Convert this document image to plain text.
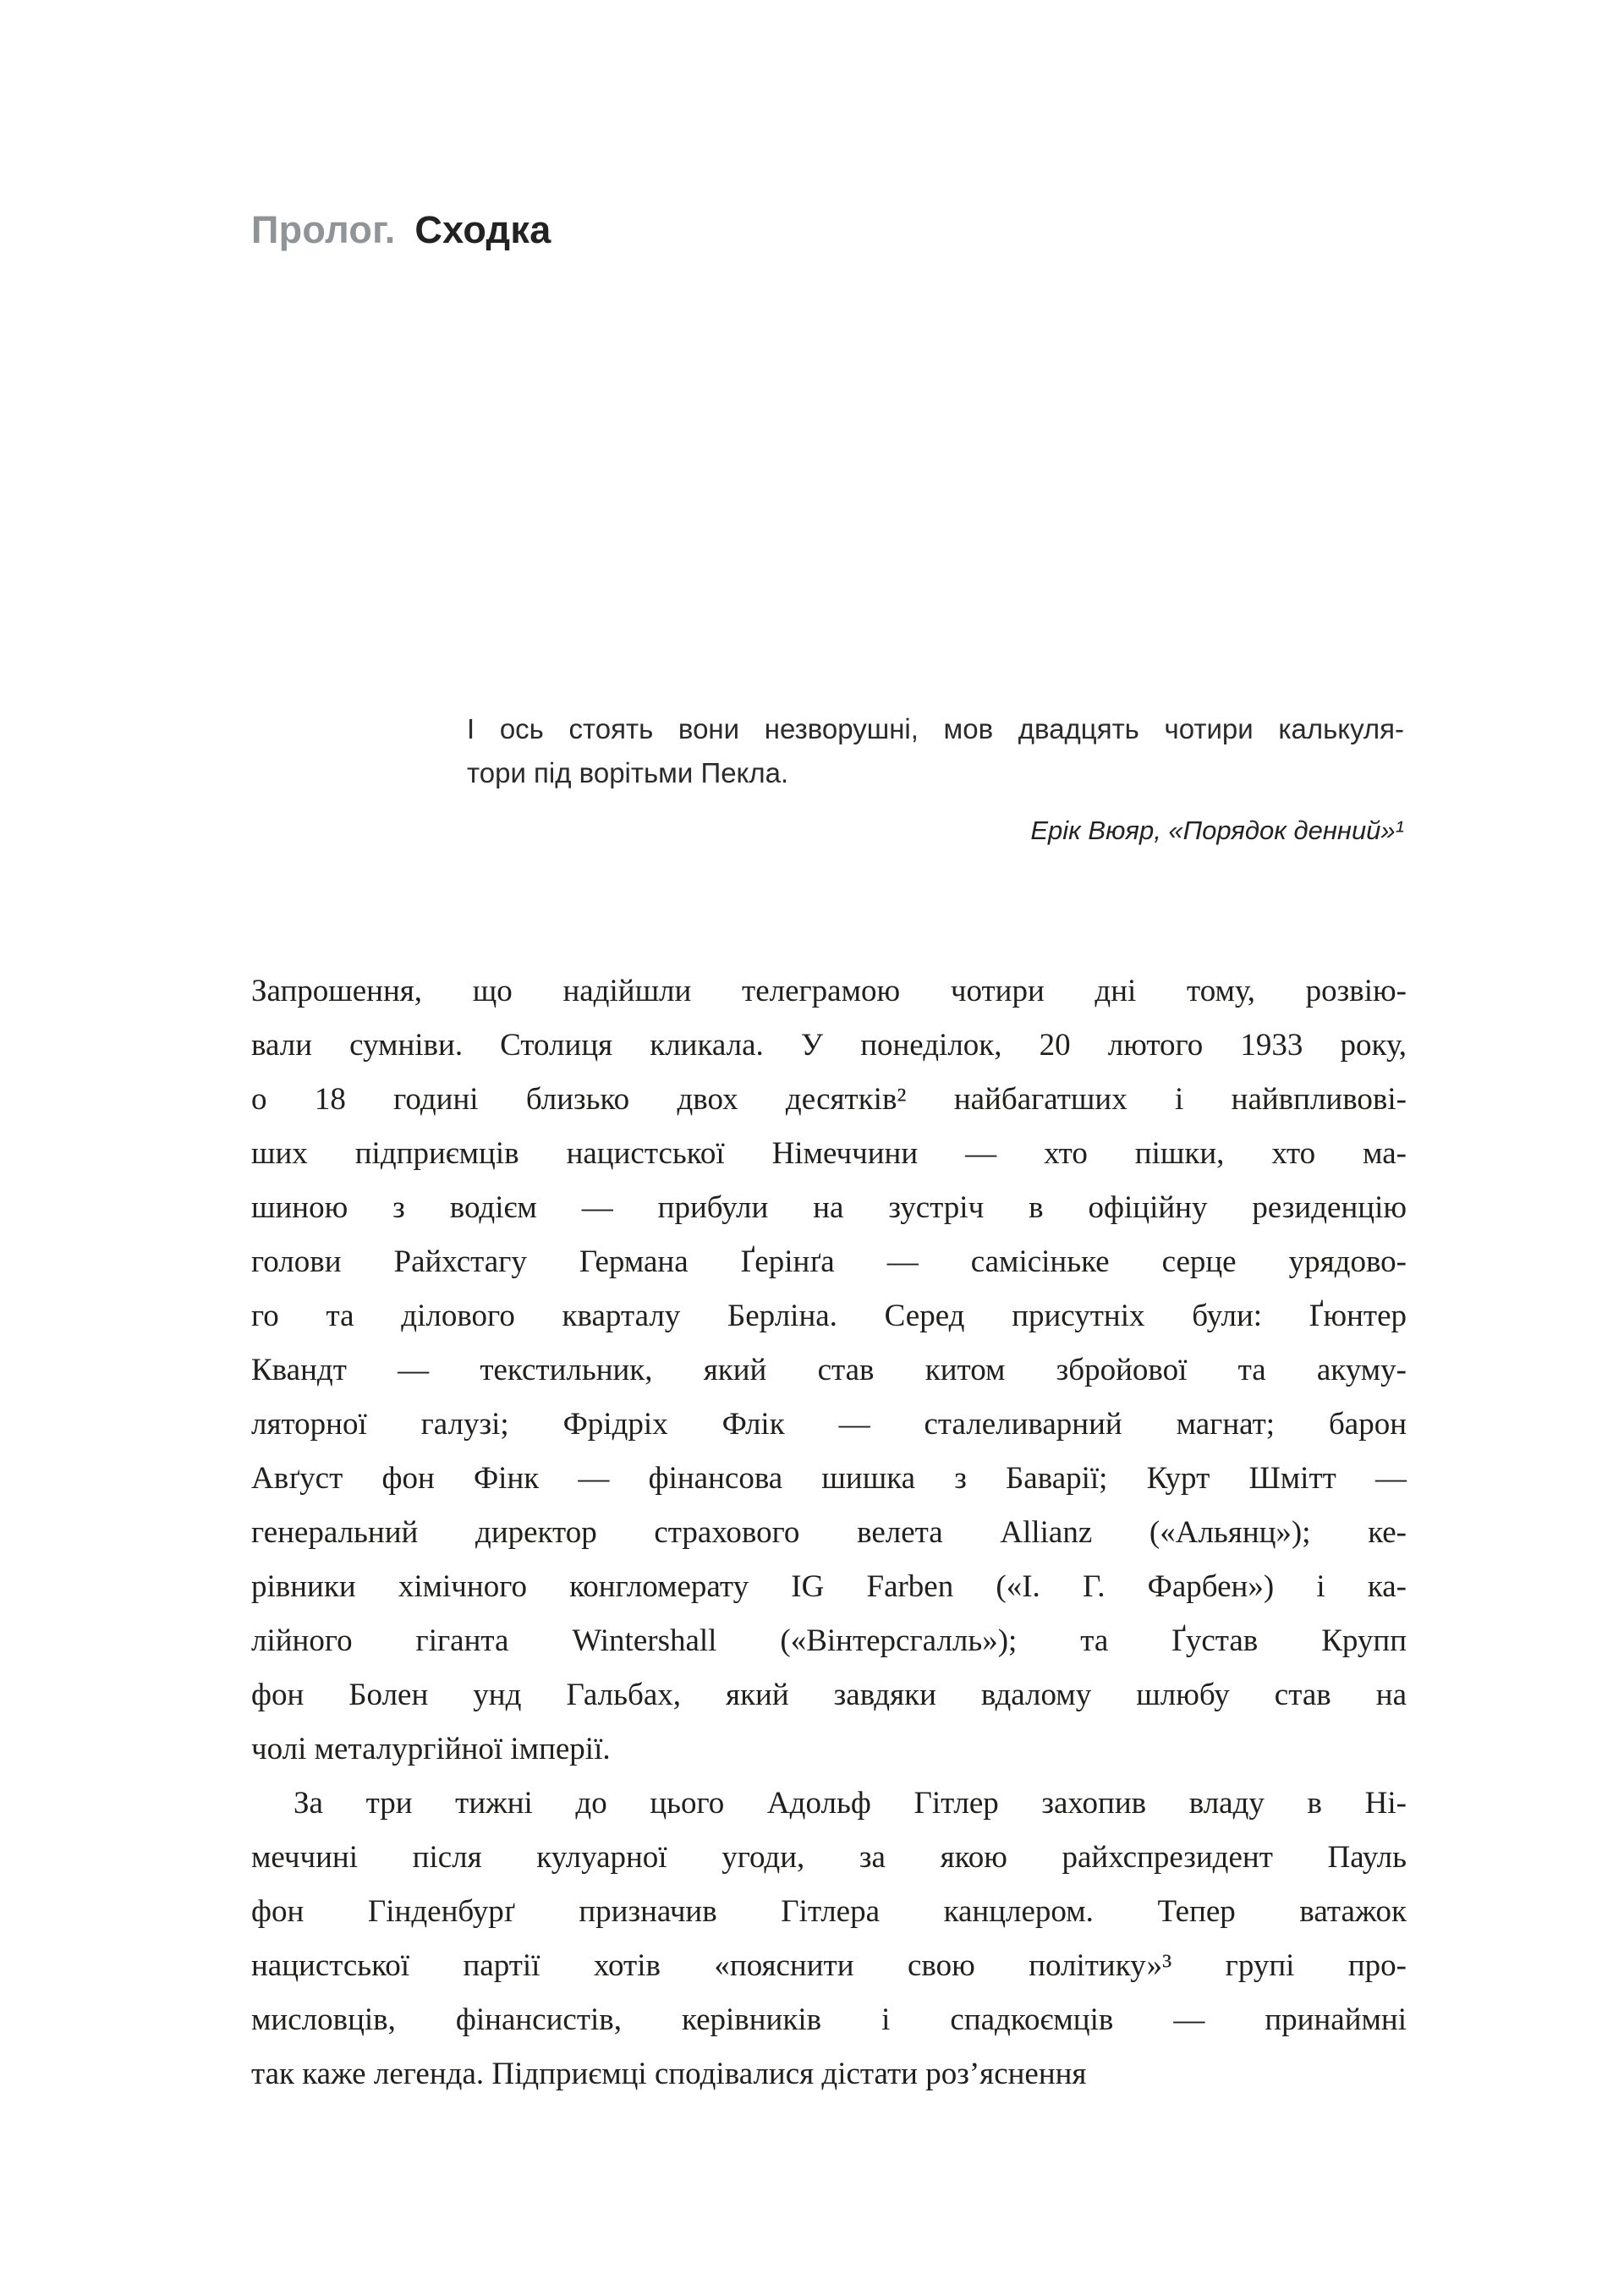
Пролог. Сходка
І ось стоять вони незворушні, мов двадцять чотири калькуля-
тори під ворітьми Пекла.
Ерік Вюяр, «Порядок денний»¹
Запрошення, що надійшли телеграмою чотири дні тому, розвію-
вали сумніви. Столиця кликала. У понеділок, 20 лютого 1933 року,
о 18 годині близько двох десятків² найбагатших і найвпливові-
ших підприємців нацистської Німеччини — хто пішки, хто ма-
шиною з водієм — прибули на зустріч в офіційну резиденцію
голови Райхстагу Германа Ґерінґа — самісіньке серце урядово-
го та ділового кварталу Берліна. Серед присутніх були: Ґюнтер
Квандт — текстильник, який став китом збройової та акуму-
ляторної галузі; Фрідріх Флік — сталеливарний магнат; барон
Авґуст фон Фінк — фінансова шишка з Баварії; Курт Шмітт —
генеральний директор страхового велета Allianz («Альянц»); ке-
рівники хімічного конгломерату IG Farben («І. Г. Фарбен») і ка-
лійного гіганта Wintershall («Вінтерсгалль»); та Ґустав Крупп
фон Болен унд Гальбах, який завдяки вдалому шлюбу став на
чолі металургійної імперії.
За три тижні до цього Адольф Гітлер захопив владу в Ні-
меччині після кулуарної угоди, за якою райхспрезидент Пауль
фон Гінденбурґ призначив Гітлера канцлером. Тепер ватажок
нацистської партії хотів «пояснити свою політику»³ групі про-
мисловців, фінансистів, керівників і спадкоємців — принаймні
так каже легенда. Підприємці сподівалися дістати розʼяснення
